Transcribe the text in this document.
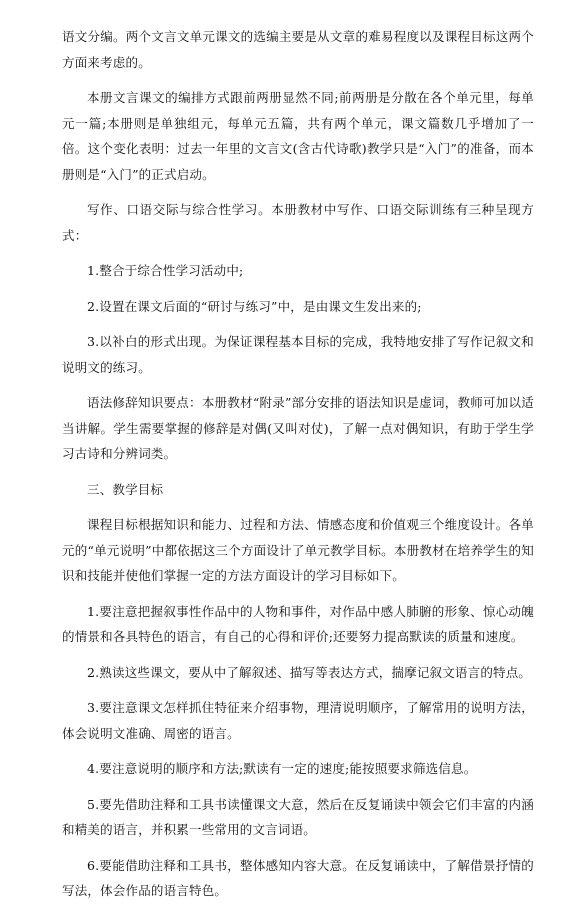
语文分编。两个文言文单元课文的选编主要是从文章的难易程度以及课程目标这两个方面来考虑的。

本册文言课文的编排方式跟前两册显然不同;前两册是分散在各个单元里，每单元一篇;本册则是单独组元，每单元五篇，共有两个单元，课文篇数几乎增加了一倍。这个变化表明：过去一年里的文言文(含古代诗歌)教学只是“入门”的准备，而本册则是“入门”的正式启动。

写作、口语交际与综合性学习。本册教材中写作、口语交际训练有三种呈现方式：

1.整合于综合性学习活动中;

2.设置在课文后面的“研讨与练习”中，是由课文生发出来的;

3.以补白的形式出现。为保证课程基本目标的完成，我特地安排了写作记叙文和说明文的练习。

语法修辞知识要点：本册教材“附录”部分安排的语法知识是虚词，教师可加以适当讲解。学生需要掌握的修辞是对偶(又叫对仗)，了解一点对偶知识，有助于学生学习古诗和分辨词类。

三、教学目标

课程目标根据知识和能力、过程和方法、情感态度和价值观三个维度设计。各单元的“单元说明”中都依据这三个方面设计了单元教学目标。本册教材在培养学生的知识和技能并使他们掌握一定的方法方面设计的学习目标如下。

1.要注意把握叙事性作品中的人物和事件，对作品中感人肺腑的形象、惊心动魄的情景和各具特色的语言，有自己的心得和评价;还要努力提高默读的质量和速度。

2.熟读这些课文，要从中了解叙述、描写等表达方式，揣摩记叙文语言的特点。

3.要注意课文怎样抓住特征来介绍事物，理清说明顺序，了解常用的说明方法，体会说明文准确、周密的语言。

4.要注意说明的顺序和方法;默读有一定的速度;能按照要求筛选信息。

5.要先借助注释和工具书读懂课文大意，然后在反复诵读中领会它们丰富的内涵和精美的语言，并积累一些常用的文言词语。

6.要能借助注释和工具书，整体感知内容大意。在反复诵读中，了解借景抒情的写法，体会作品的语言特色。
